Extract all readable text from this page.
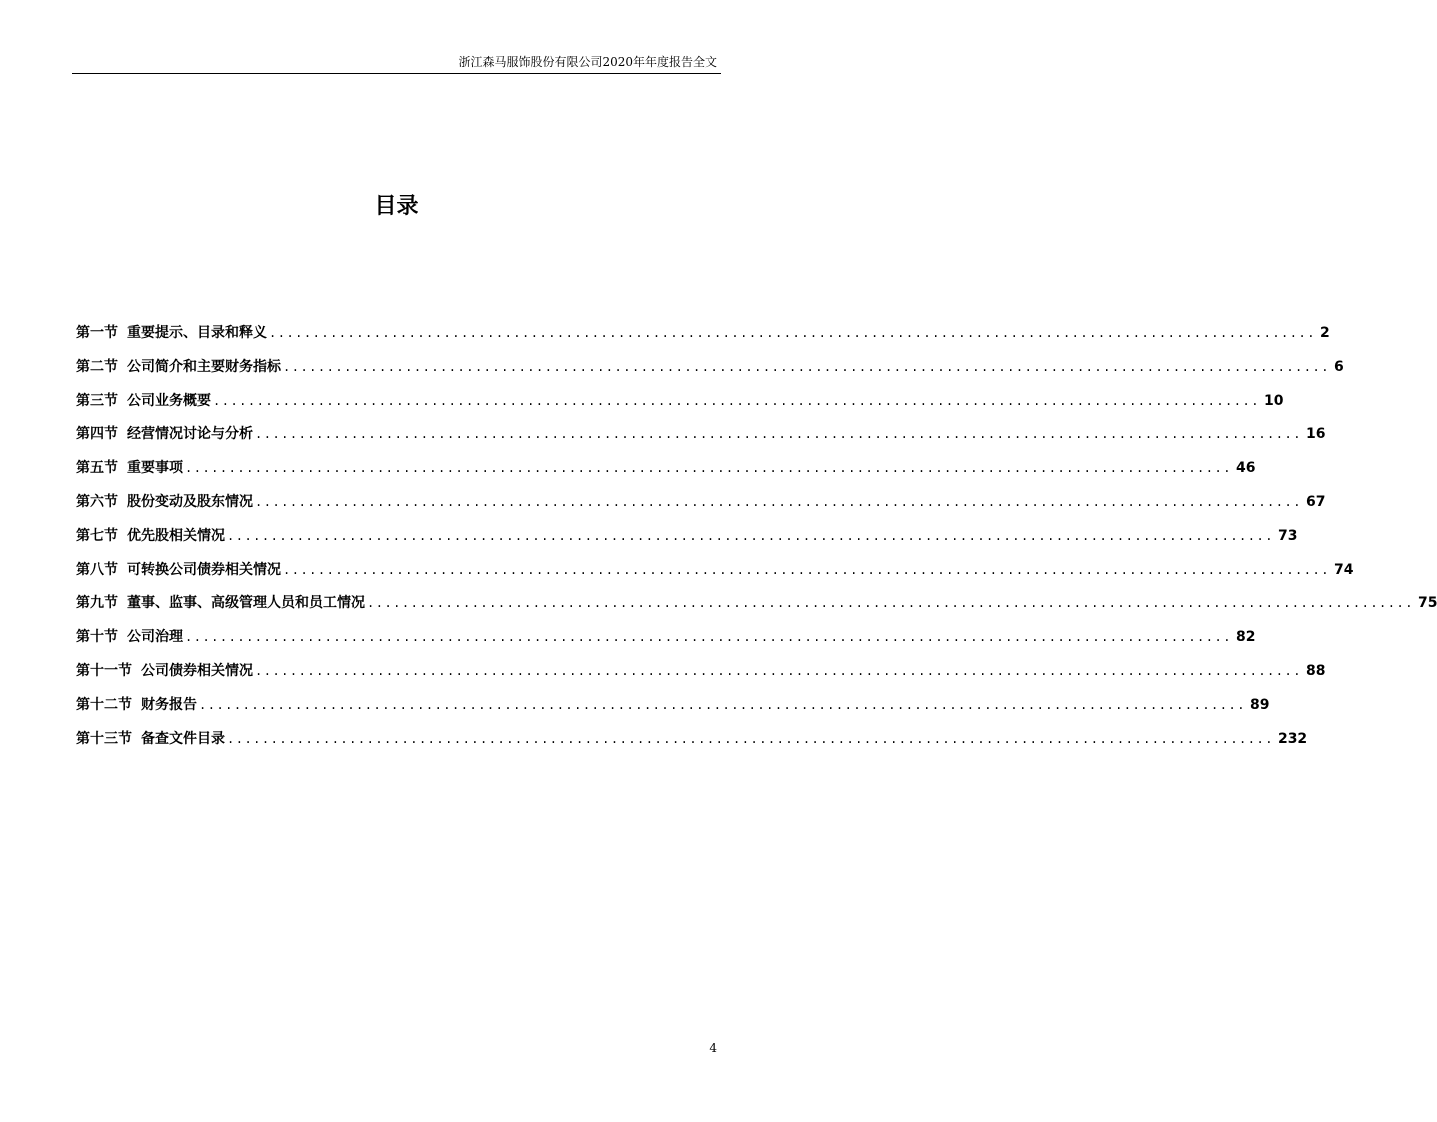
浙江森马服饰股份有限公司2020年年度报告全文
目录
第一节 重要提示、目录和释义 ........................................................................................................................ 2
第二节 公司简介和主要财务指标 ........................................................................................................................ 6
第三节 公司业务概要 ........................................................................................................................ 10
第四节 经营情况讨论与分析 ........................................................................................................................ 16
第五节 重要事项 ........................................................................................................................ 46
第六节 股份变动及股东情况 ........................................................................................................................ 67
第七节 优先股相关情况 ........................................................................................................................ 73
第八节 可转换公司债券相关情况 ........................................................................................................................ 74
第九节 董事、监事、高级管理人员和员工情况 ........................................................................................................................ 75
第十节 公司治理 ........................................................................................................................ 82
第十一节 公司债券相关情况 ........................................................................................................................ 88
第十二节 财务报告 ........................................................................................................................ 89
第十三节 备查文件目录 ........................................................................................................................ 232
4
